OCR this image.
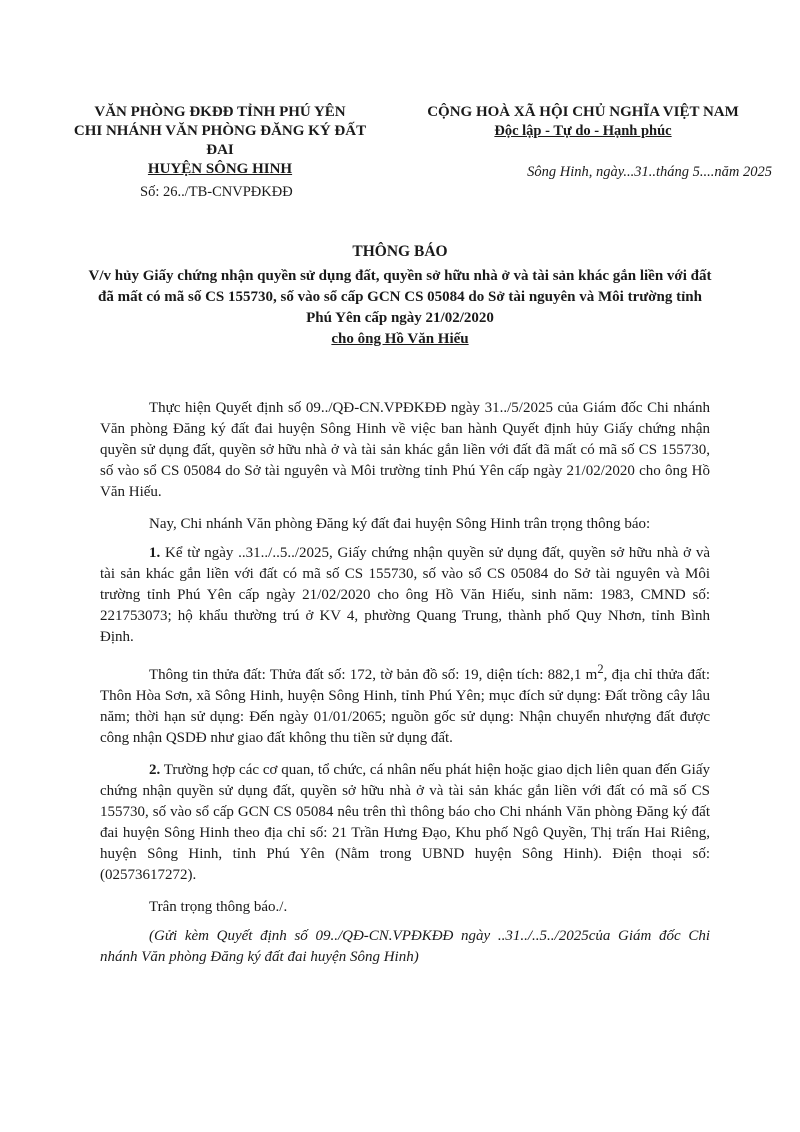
VĂN PHÒNG ĐKĐĐ TỈNH PHÚ YÊN
CHI NHÁNH VĂN PHÒNG ĐĂNG KÝ ĐẤT ĐAI
HUYỆN SÔNG HINH
CỘNG HOÀ XÃ HỘI CHỦ NGHĨA VIỆT NAM
Độc lập - Tự do - Hạnh phúc
Sông Hinh, ngày...31..tháng 5....năm 2025
Số: 26../TB-CNVPĐKĐĐ
THÔNG BÁO
V/v hủy Giấy chứng nhận quyền sử dụng đất, quyền sở hữu nhà ở và tài sản khác gắn liền với đất đã mất có mã số CS 155730, số vào sổ cấp GCN CS 05084 do Sở tài nguyên và Môi trường tỉnh Phú Yên cấp ngày 21/02/2020
cho ông Hồ Văn Hiếu

Thực hiện Quyết định số 09../QĐ-CN.VPĐKĐĐ ngày 31../5/2025 của Giám đốc Chi nhánh Văn phòng Đăng ký đất đai huyện Sông Hinh về việc ban hành Quyết định hủy Giấy chứng nhận quyền sử dụng đất, quyền sở hữu nhà ở và tài sản khác gắn liền với đất đã mất có mã số CS 155730, số vào sổ CS 05084 do Sở tài nguyên và Môi trường tỉnh Phú Yên cấp ngày 21/02/2020 cho ông Hồ Văn Hiếu.

Nay, Chi nhánh Văn phòng Đăng ký đất đai huyện Sông Hinh trân trọng thông báo:

1. Kể từ ngày ..31../..5../2025, Giấy chứng nhận quyền sử dụng đất, quyền sở hữu nhà ở và tài sản khác gắn liền với đất có mã số CS 155730, số vào sổ CS 05084 do Sở tài nguyên và Môi trường tỉnh Phú Yên cấp ngày 21/02/2020 cho ông Hồ Văn Hiếu, sinh năm: 1983, CMND số: 221753073; hộ khẩu thường trú ở KV 4, phường Quang Trung, thành phố Quy Nhơn, tỉnh Bình Định.

Thông tin thửa đất: Thửa đất số: 172, tờ bản đồ số: 19, diện tích: 882,1 $m^2$, địa chỉ thửa đất: Thôn Hòa Sơn, xã Sông Hinh, huyện Sông Hinh, tỉnh Phú Yên; mục đích sử dụng: Đất trồng cây lâu năm; thời hạn sử dụng: Đến ngày 01/01/2065; nguồn gốc sử dụng: Nhận chuyển nhượng đất được công nhận QSDĐ như giao đất không thu tiền sử dụng đất.

2. Trường hợp các cơ quan, tổ chức, cá nhân nếu phát hiện hoặc giao dịch liên quan đến Giấy chứng nhận quyền sử dụng đất, quyền sở hữu nhà ở và tài sản khác gắn liền với đất có mã số CS 155730, số vào sổ cấp GCN CS 05084 nêu trên thì thông báo cho Chi nhánh Văn phòng Đăng ký đất đai huyện Sông Hinh theo địa chỉ số: 21 Trần Hưng Đạo, Khu phố Ngô Quyền, Thị trấn Hai Riêng, huyện Sông Hinh, tỉnh Phú Yên (Nằm trong UBND huyện Sông Hinh). Điện thoại số: (02573617272).

Trân trọng thông báo./.

(Gửi kèm Quyết định số 09../QĐ-CN.VPĐKĐĐ ngày ..31../..5../2025của Giám đốc Chi nhánh Văn phòng Đăng ký đất đai huyện Sông Hinh)
